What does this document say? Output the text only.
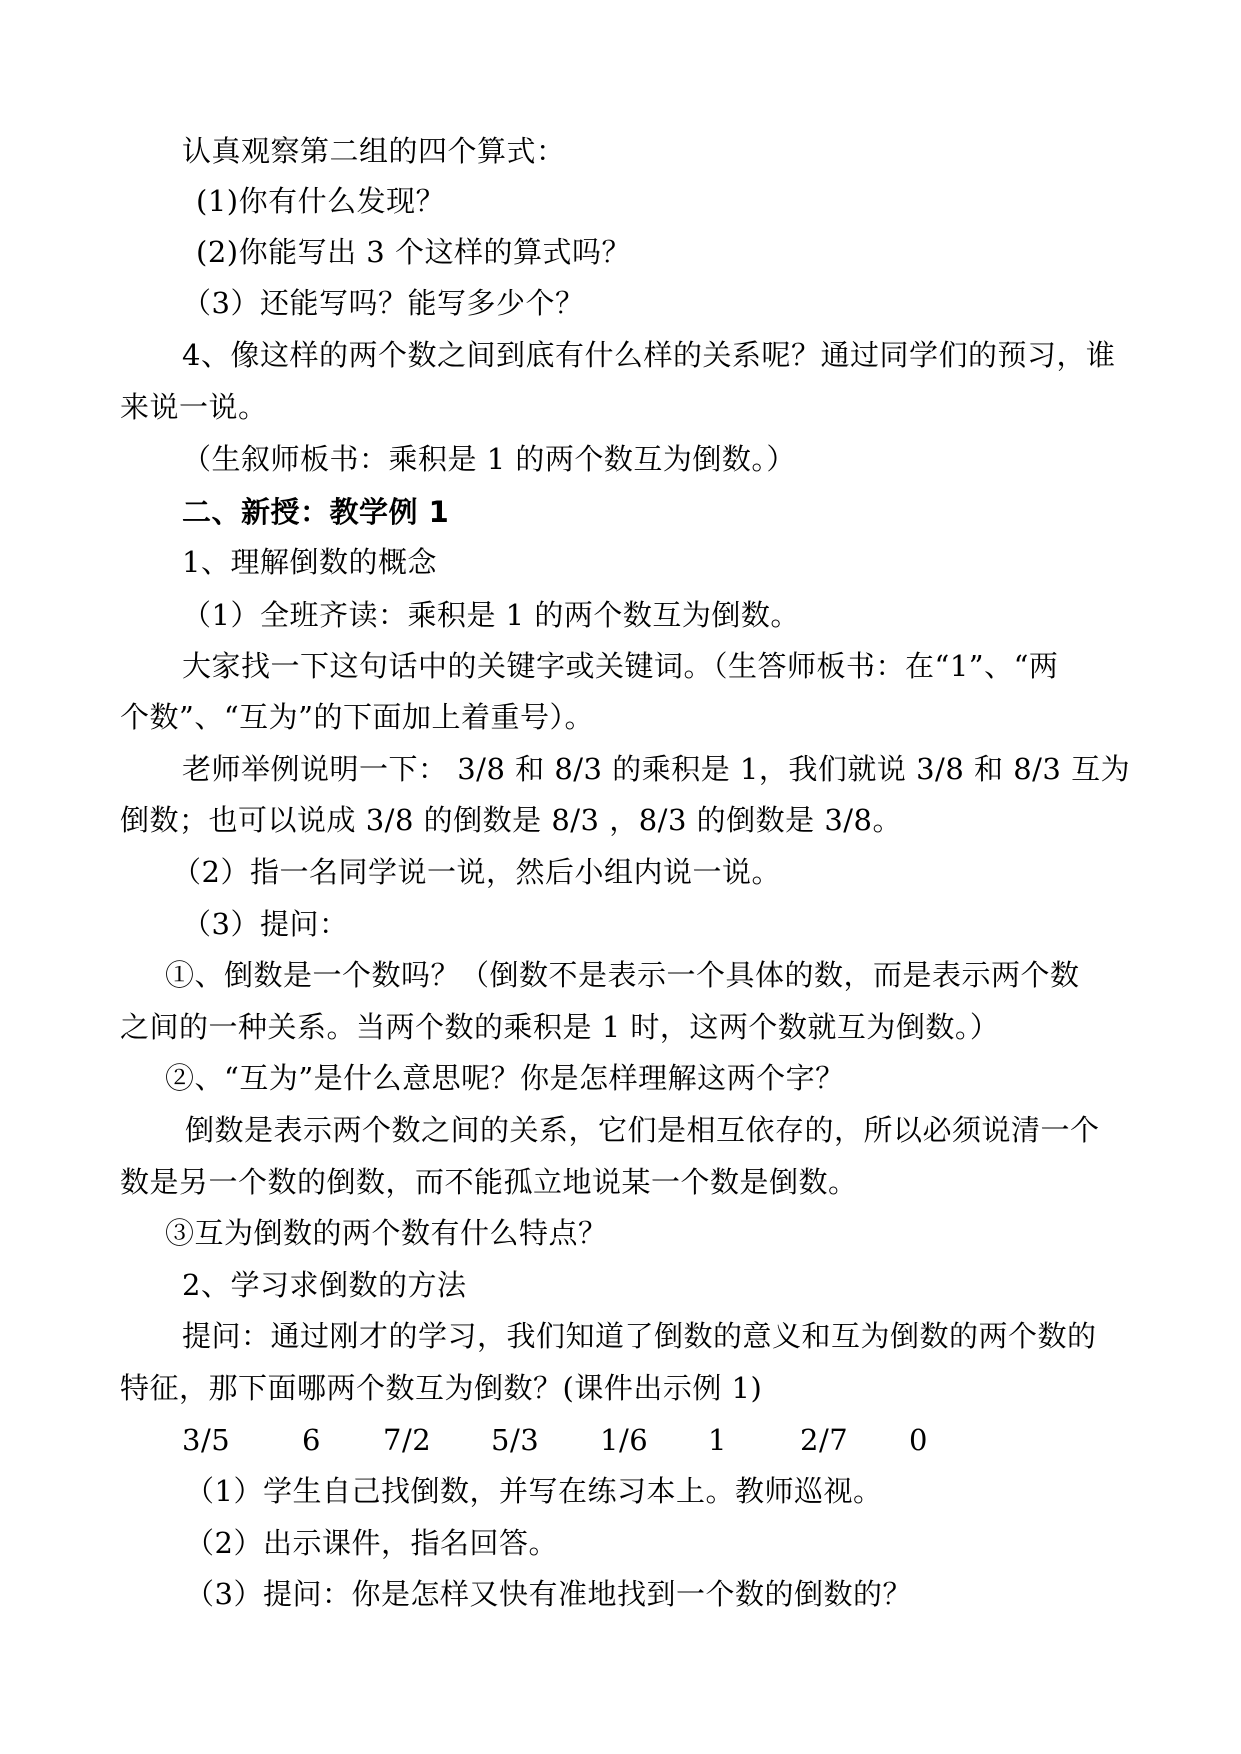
认真观察第二组的四个算式：
(1)你有什么发现？
(2)你能写出 3 个这样的算式吗？
（3）还能写吗？能写多少个？
4、像这样的两个数之间到底有什么样的关系呢？通过同学们的预习，谁
来说一说。
（生叙师板书：乘积是 1 的两个数互为倒数。）
二、新授：教学例 1
1、理解倒数的概念
（1）全班齐读：乘积是 1 的两个数互为倒数。
大家找一下这句话中的关键字或关键词。（生答师板书：在“1”、“两
个数”、“互为”的下面加上着重号）。
老师举例说明一下： 3/8 和 8/3 的乘积是 1，我们就说 3/8 和 8/3 互为
倒数；也可以说成 3/8 的倒数是 8/3 ，8/3 的倒数是 3/8。
（2）指一名同学说一说，然后小组内说一说。
（3）提问：
①、倒数是一个数吗？（倒数不是表示一个具体的数，而是表示两个数
之间的一种关系。当两个数的乘积是 1 时，这两个数就互为倒数。）
②、“互为”是什么意思呢？你是怎样理解这两个字？
倒数是表示两个数之间的关系，它们是相互依存的，所以必须说清一个
数是另一个数的倒数，而不能孤立地说某一个数是倒数。
③互为倒数的两个数有什么特点？
2、学习求倒数的方法
提问：通过刚才的学习，我们知道了倒数的意义和互为倒数的两个数的
特征，那下面哪两个数互为倒数？(课件出示例 1)
3/5 6 7/2 5/3 1/6 1	2/7 0
（1）学生自己找倒数，并写在练习本上。教师巡视。
（2）出示课件，指名回答。
（3）提问：你是怎样又快有准地找到一个数的倒数的？
